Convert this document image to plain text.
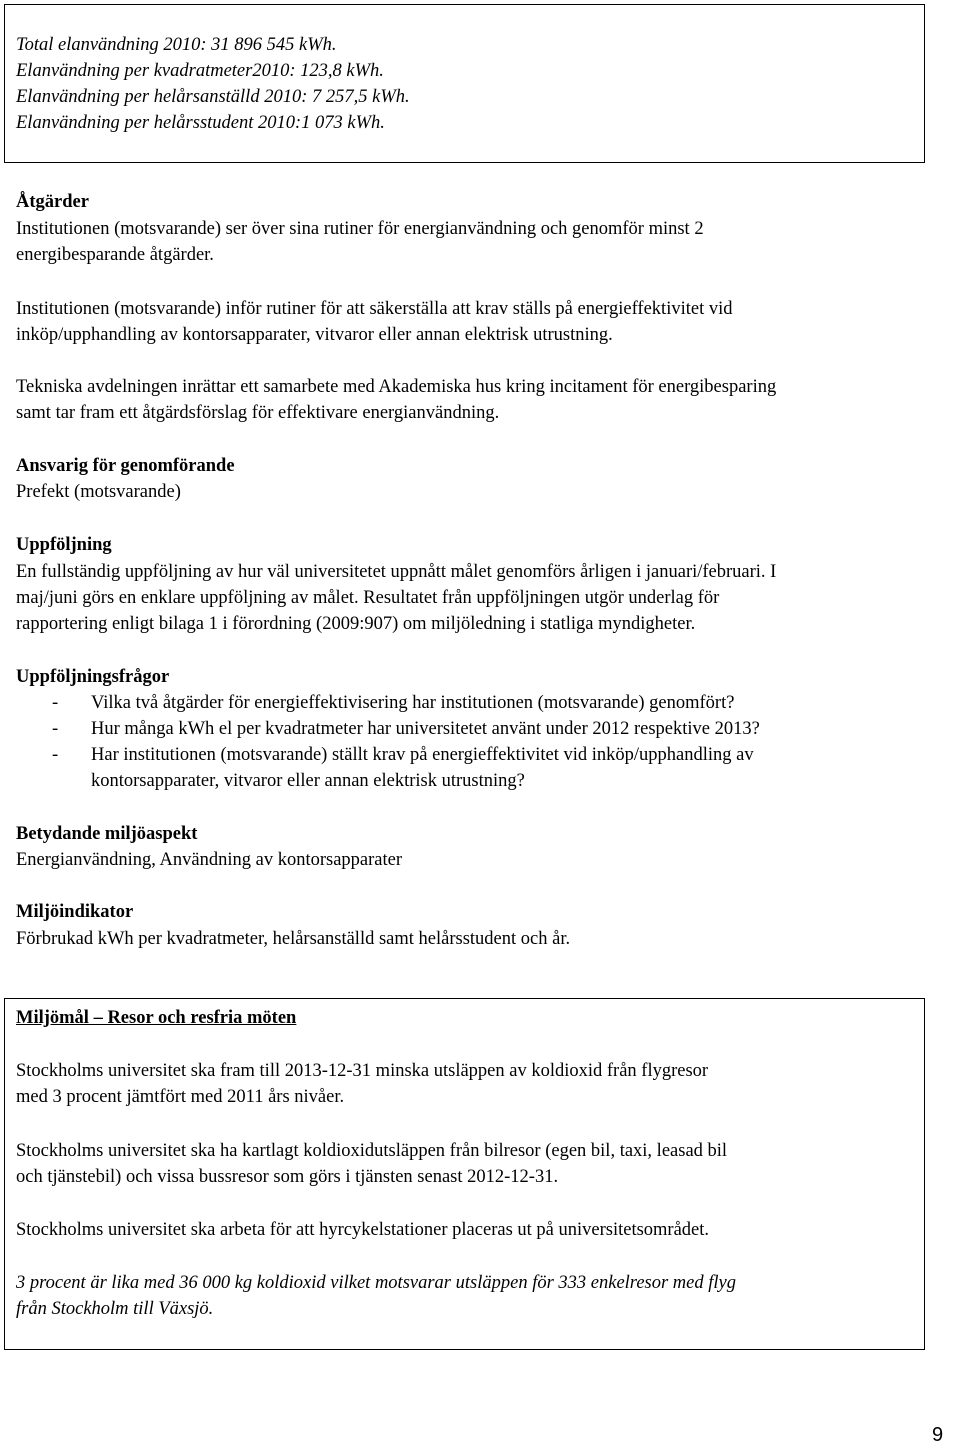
Total elanvändning 2010: 31 896 545 kWh.
Elanvändning per kvadratmeter2010: 123,8 kWh.
Elanvändning per helårsanställd 2010: 7 257,5 kWh.
Elanvändning per helårsstudent 2010:1 073 kWh.
Åtgärder
Institutionen (motsvarande) ser över sina rutiner för energianvändning och genomför minst 2
energibesparande åtgärder.
Institutionen (motsvarande) inför rutiner för att säkerställa att krav ställs på energieffektivitet vid
inköp/upphandling av kontorsapparater, vitvaror eller annan elektrisk utrustning.
Tekniska avdelningen inrättar ett samarbete med Akademiska hus kring incitament för energibesparing
samt tar fram ett åtgärdsförslag för effektivare energianvändning.
Ansvarig för genomförande
Prefekt (motsvarande)
Uppföljning
En fullständig uppföljning av hur väl universitetet uppnått målet genomförs årligen i januari/februari. I
maj/juni görs en enklare uppföljning av målet. Resultatet från uppföljningen utgör underlag för
rapportering enligt bilaga 1 i förordning (2009:907) om miljöledning i statliga myndigheter.
Uppföljningsfrågor
- Vilka två åtgärder för energieffektivisering har institutionen (motsvarande) genomfört?
- Hur många kWh el per kvadratmeter har universitetet använt under 2012 respektive 2013?
- Har institutionen (motsvarande) ställt krav på energieffektivitet vid inköp/upphandling av
kontorsapparater, vitvaror eller annan elektrisk utrustning?
Betydande miljöaspekt
Energianvändning, Användning av kontorsapparater
Miljöindikator
Förbrukad kWh per kvadratmeter, helårsanställd samt helårsstudent och år.
Miljömål – Resor och resfria möten
Stockholms universitet ska fram till 2013-12-31 minska utsläppen av koldioxid från flygresor
med 3 procent jämtfört med 2011 års nivåer.
Stockholms universitet ska ha kartlagt koldioxidutsläppen från bilresor (egen bil, taxi, leasad bil
och tjänstebil) och vissa bussresor som görs i tjänsten senast 2012-12-31.
Stockholms universitet ska arbeta för att hyrcykelstationer placeras ut på universitetsområdet.
3 procent är lika med 36 000 kg koldioxid vilket motsvarar utsläppen för 333 enkelresor med flyg
från Stockholm till Växsjö.
9
